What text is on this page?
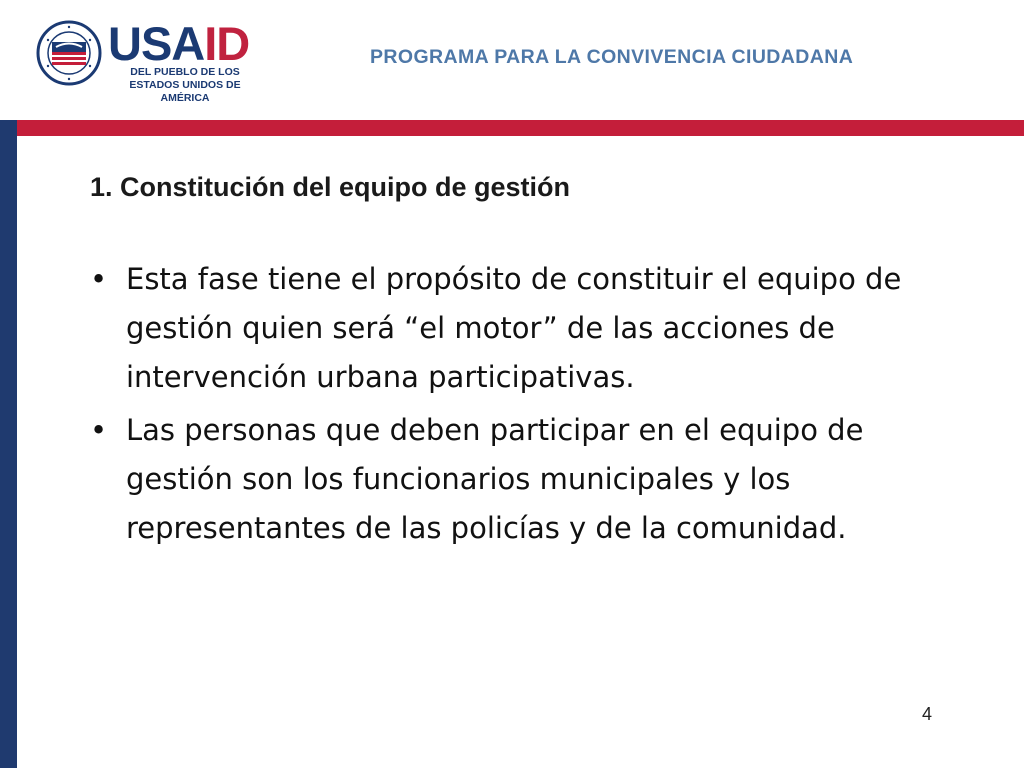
USAID
DEL PUEBLO DE LOS ESTADOS UNIDOS DE AMÉRICA
PROGRAMA PARA LA CONVIVENCIA CIUDADANA
1. Constitución del equipo de gestión
• Esta fase tiene el propósito de constituir el equipo de gestión quien será “el motor” de las acciones de intervención urbana participativas.
• Las personas que deben participar en el equipo de gestión son los funcionarios municipales y los representantes de las policías y de la comunidad.
4
